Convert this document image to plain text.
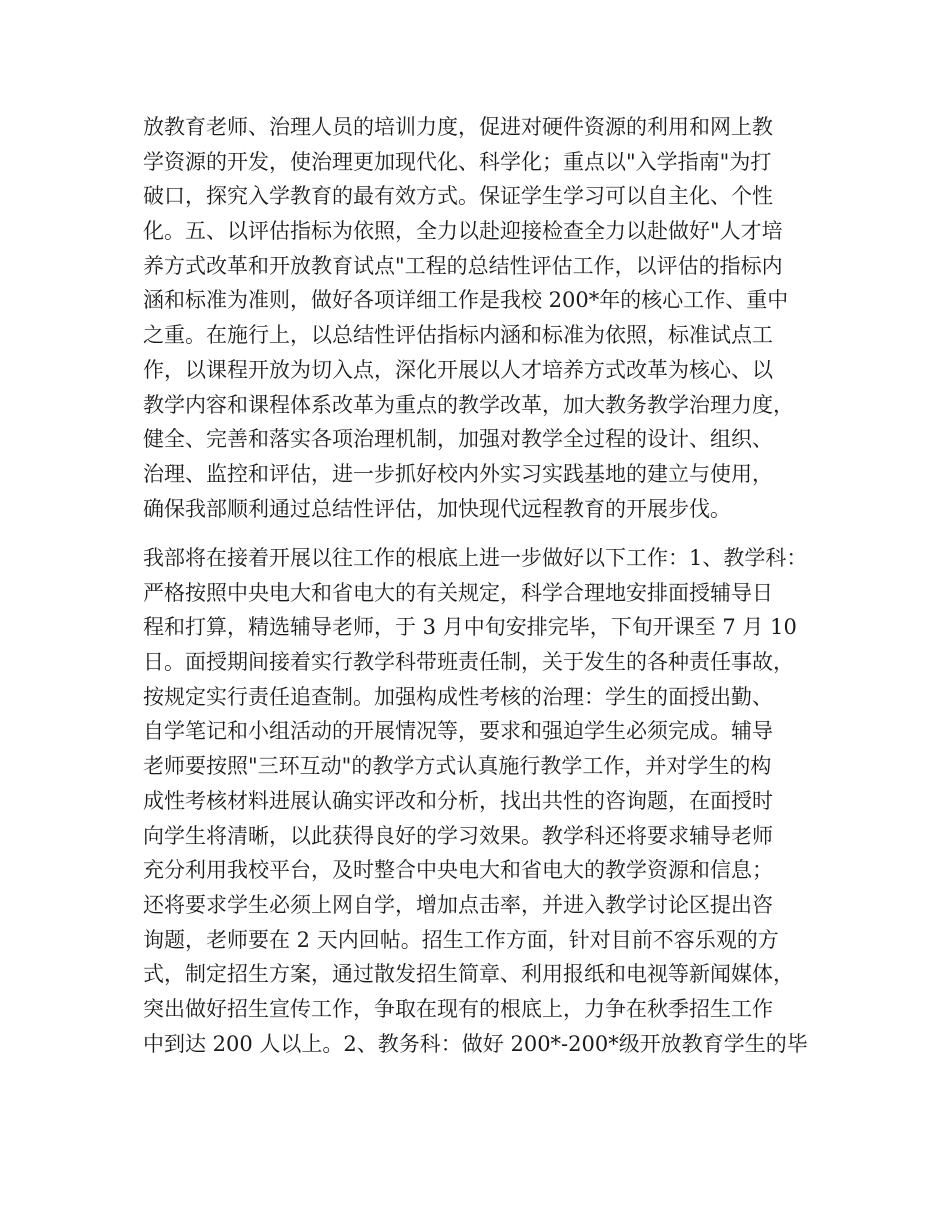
放教育老师、治理人员的培训力度，促进对硬件资源的利用和网上教
学资源的开发，使治理更加现代化、科学化；重点以"入学指南"为打
破口，探究入学教育的最有效方式。保证学生学习可以自主化、个性
化。五、以评估指标为依照，全力以赴迎接检查全力以赴做好"人才培
养方式改革和开放教育试点"工程的总结性评估工作，以评估的指标内
涵和标准为准则，做好各项详细工作是我校 200*年的核心工作、重中
之重。在施行上，以总结性评估指标内涵和标准为依照，标准试点工
作，以课程开放为切入点，深化开展以人才培养方式改革为核心、以
教学内容和课程体系改革为重点的教学改革，加大教务教学治理力度，
健全、完善和落实各项治理机制，加强对教学全过程的设计、组织、
治理、监控和评估，进一步抓好校内外实习实践基地的建立与使用，
确保我部顺利通过总结性评估，加快现代远程教育的开展步伐。
我部将在接着开展以往工作的根底上进一步做好以下工作：1、教学科：
严格按照中央电大和省电大的有关规定，科学合理地安排面授辅导日
程和打算，精选辅导老师，于 3 月中旬安排完毕，下旬开课至 7 月 10
日。面授期间接着实行教学科带班责任制，关于发生的各种责任事故，
按规定实行责任追查制。加强构成性考核的治理：学生的面授出勤、
自学笔记和小组活动的开展情况等，要求和强迫学生必须完成。辅导
老师要按照"三环互动"的教学方式认真施行教学工作，并对学生的构
成性考核材料进展认确实评改和分析，找出共性的咨询题，在面授时
向学生将清晰，以此获得良好的学习效果。教学科还将要求辅导老师
充分利用我校平台，及时整合中央电大和省电大的教学资源和信息；
还将要求学生必须上网自学，增加点击率，并进入教学讨论区提出咨
询题，老师要在 2 天内回帖。招生工作方面，针对目前不容乐观的方
式，制定招生方案，通过散发招生简章、利用报纸和电视等新闻媒体，
突出做好招生宣传工作，争取在现有的根底上，力争在秋季招生工作
中到达 200 人以上。2、教务科：做好 200*-200*级开放教育学生的毕
